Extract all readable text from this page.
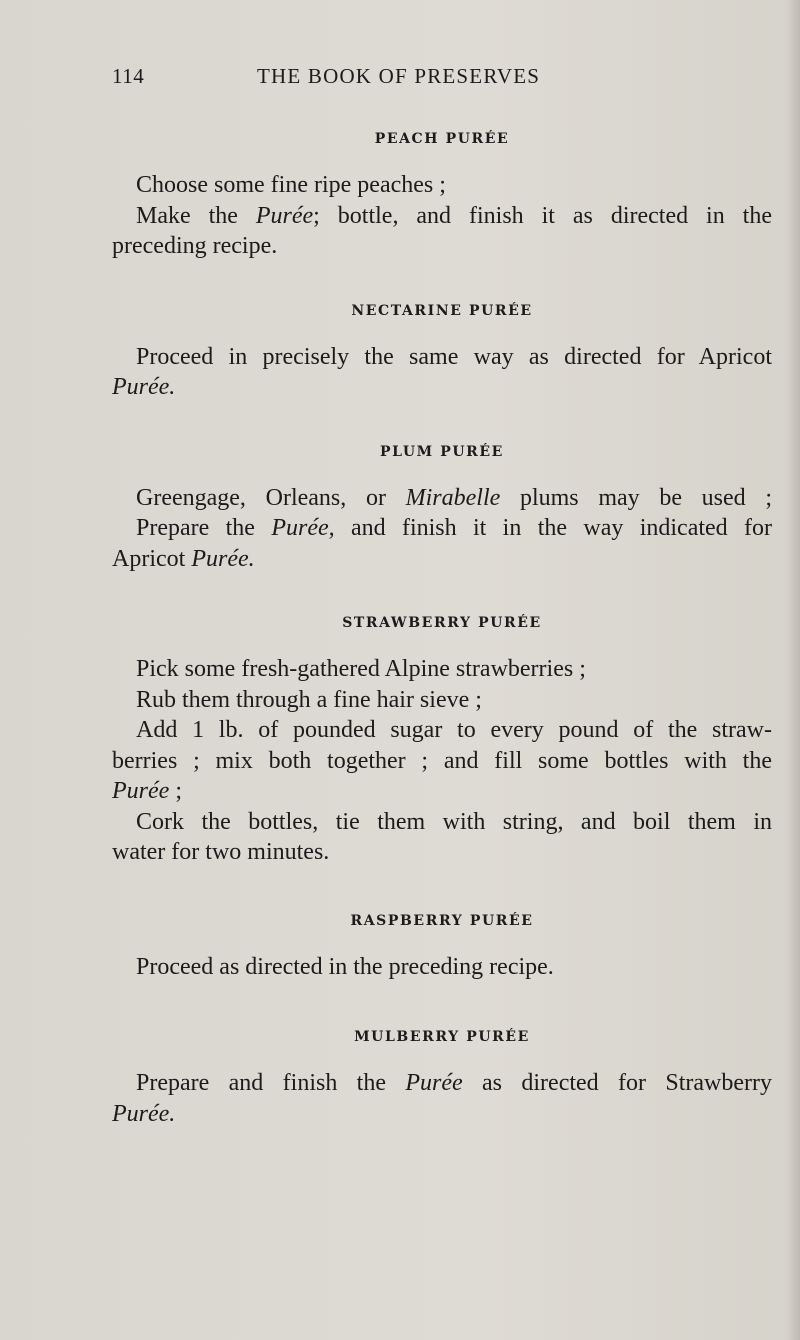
114	THE BOOK OF PRESERVES
PEACH PURÉE
Choose some fine ripe peaches ;
Make the Purée; bottle, and finish it as directed in the
preceding recipe.
NECTARINE PURÉE
Proceed in precisely the same way as directed for Apricot
Purée.
PLUM PURÉE
Greengage, Orleans, or Mirabelle plums may be used ;
Prepare the Purée, and finish it in the way indicated for
Apricot Purée.
STRAWBERRY PURÉE
Pick some fresh-gathered Alpine strawberries ;
Rub them through a fine hair sieve ;
Add 1 lb. of pounded sugar to every pound of the straw-
berries ; mix both together ; and fill some bottles with the
Purée ;
Cork the bottles, tie them with string, and boil them in
water for two minutes.
RASPBERRY PURÉE
Proceed as directed in the preceding recipe.
MULBERRY PURÉE
Prepare and finish the Purée as directed for Strawberry
Purée.
